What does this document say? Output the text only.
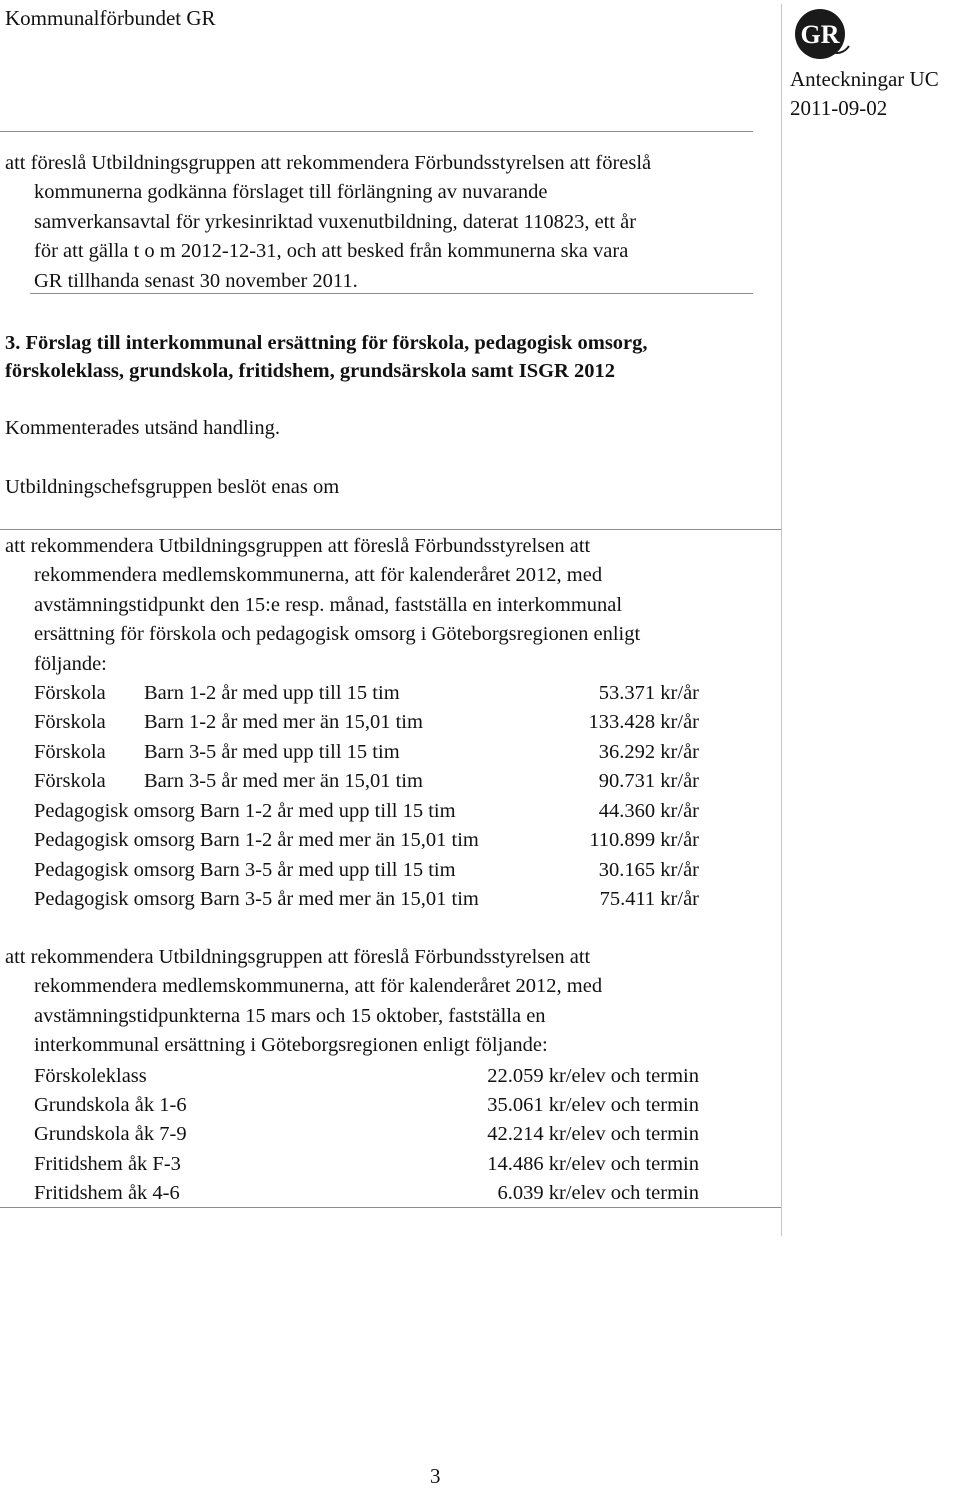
Kommunalförbundet GR
GR
Anteckningar UC
2011-09-02
att föreslå Utbildningsgruppen att rekommendera Förbundsstyrelsen att föreslå
kommunerna godkänna förslaget till förlängning av nuvarande
samverkansavtal för yrkesinriktad vuxenutbildning, daterat 110823, ett år
för att gälla t o m 2012-12-31, och att besked från kommunerna ska vara
GR tillhanda senast 30 november 2011.
3. Förslag till interkommunal ersättning för förskola, pedagogisk omsorg,
förskoleklass, grundskola, fritidshem, grundsärskola samt ISGR 2012
Kommenterades utsänd handling.
Utbildningschefsgruppen beslöt enas om
att rekommendera Utbildningsgruppen att föreslå Förbundsstyrelsen att
rekommendera medlemskommunerna, att för kalenderåret 2012, med
avstämningstidpunkt den 15:e resp. månad, fastställa en interkommunal
ersättning för förskola och pedagogisk omsorg i Göteborgsregionen enligt
följande:
Förskola Barn 1-2 år med upp till 15 tim	53.371 kr/år
Förskola Barn 1-2 år med mer än 15,01 tim	133.428 kr/år
Förskola Barn 3-5 år med upp till 15 tim	36.292 kr/år
Förskola Barn 3-5 år med mer än 15,01 tim	90.731 kr/år
Pedagogisk omsorg Barn 1-2 år med upp till 15 tim	44.360 kr/år
Pedagogisk omsorg Barn 1-2 år med mer än 15,01 tim	110.899 kr/år
Pedagogisk omsorg Barn 3-5 år med upp till 15 tim	30.165 kr/år
Pedagogisk omsorg Barn 3-5 år med mer än 15,01 tim	75.411 kr/år
att rekommendera Utbildningsgruppen att föreslå Förbundsstyrelsen att
rekommendera medlemskommunerna, att för kalenderåret 2012, med
avstämningstidpunkterna 15 mars och 15 oktober, fastställa en
interkommunal ersättning i Göteborgsregionen enligt följande:
Förskoleklass	22.059 kr/elev och termin
Grundskola åk 1-6	35.061 kr/elev och termin
Grundskola åk 7-9	42.214 kr/elev och termin
Fritidshem åk F-3	14.486 kr/elev och termin
Fritidshem åk 4-6	6.039 kr/elev och termin
3
